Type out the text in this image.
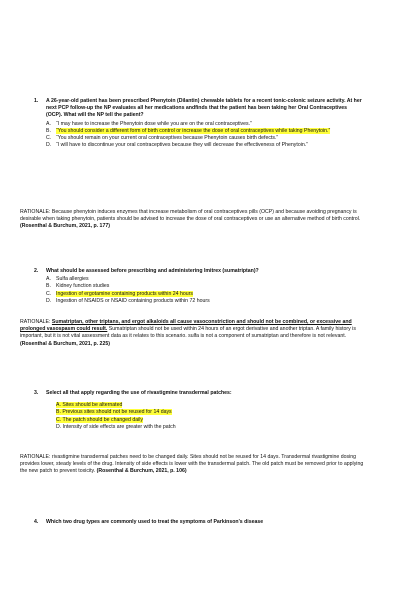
1. A 26-year-old patient has been prescribed Phenytoin (Dilantin) chewable tablets for a recent tonic-colonic seizure activity. At her next PCP follow-up the NP evaluates all her medications andfinds that the patient has been taking her Oral Contraceptives (OCP). What will the NP tell the patient?
A. “I may have to increase the Phenytoin dose while you are on the oral contraceptives.”
B. “You should consider a different form of birth control or increase the dose of oral contraceptives while taking Phenytoin.”
C. “You should remain on your current oral contraceptives because Phenytoin causes birth defects.”
D. “I will have to discontinue your oral contraceptives because they will decrease the effectiveness of Phenytoin.”
RATIONALE: Because phenytoin induces enzymes that increase metabolism of oral contraceptives pills (OCP) and because avoiding pregnancy is desirable when taking phenytoin, patients should be advised to increase the dose of oral contraceptives or use an alternative method of birth control.(Rosenthal & Burchum, 2021, p. 177)
2. What should be assessed before prescribing and administering Imitrex (sumatriptan)?
A. Sulfa allergies
B. Kidney function studies
C. Ingestion of ergotamine containing products within 24 hours
D. Ingestion of NSAIDS or NSAID containing products within 72 hours
RATIONALE: Sumatriptan, other triptans, and ergot alkaloids all cause vasoconstriction and should not be combined, or excessive and prolonged vasospasm could result. Sumatriptan should not be used within 24 hours of an ergot derivative and another triptan. A family history is important, but it is not vital assessment data as it relates to this scenario. sulfa is not a component of sumatriptan and therefore is not relevant. (Rosenthal & Burchum, 2021, p. 225)
3. Select all that apply regarding the use of rivastigmine transdermal patches:
A. Sites should be alternated
B. Previous sites should not be reused for 14 days
C. The patch should be changed daily
D. Intensity of side effects are greater with the patch
RATIONALE: rivastigmine transdermal patches need to be changed daily. Sites should not be reused for 14 days. Transdermal rivastigmine dosing provides lower, steady levels of the drug. Intensity of side effects is lower with the transdermal patch. The old patch must be removed prior to applying the new patch to prevent toxicity. (Rosenthal & Burchum, 2021, p. 106)
4. Which two drug types are commonly used to treat the symptoms of Parkinson’s disease
